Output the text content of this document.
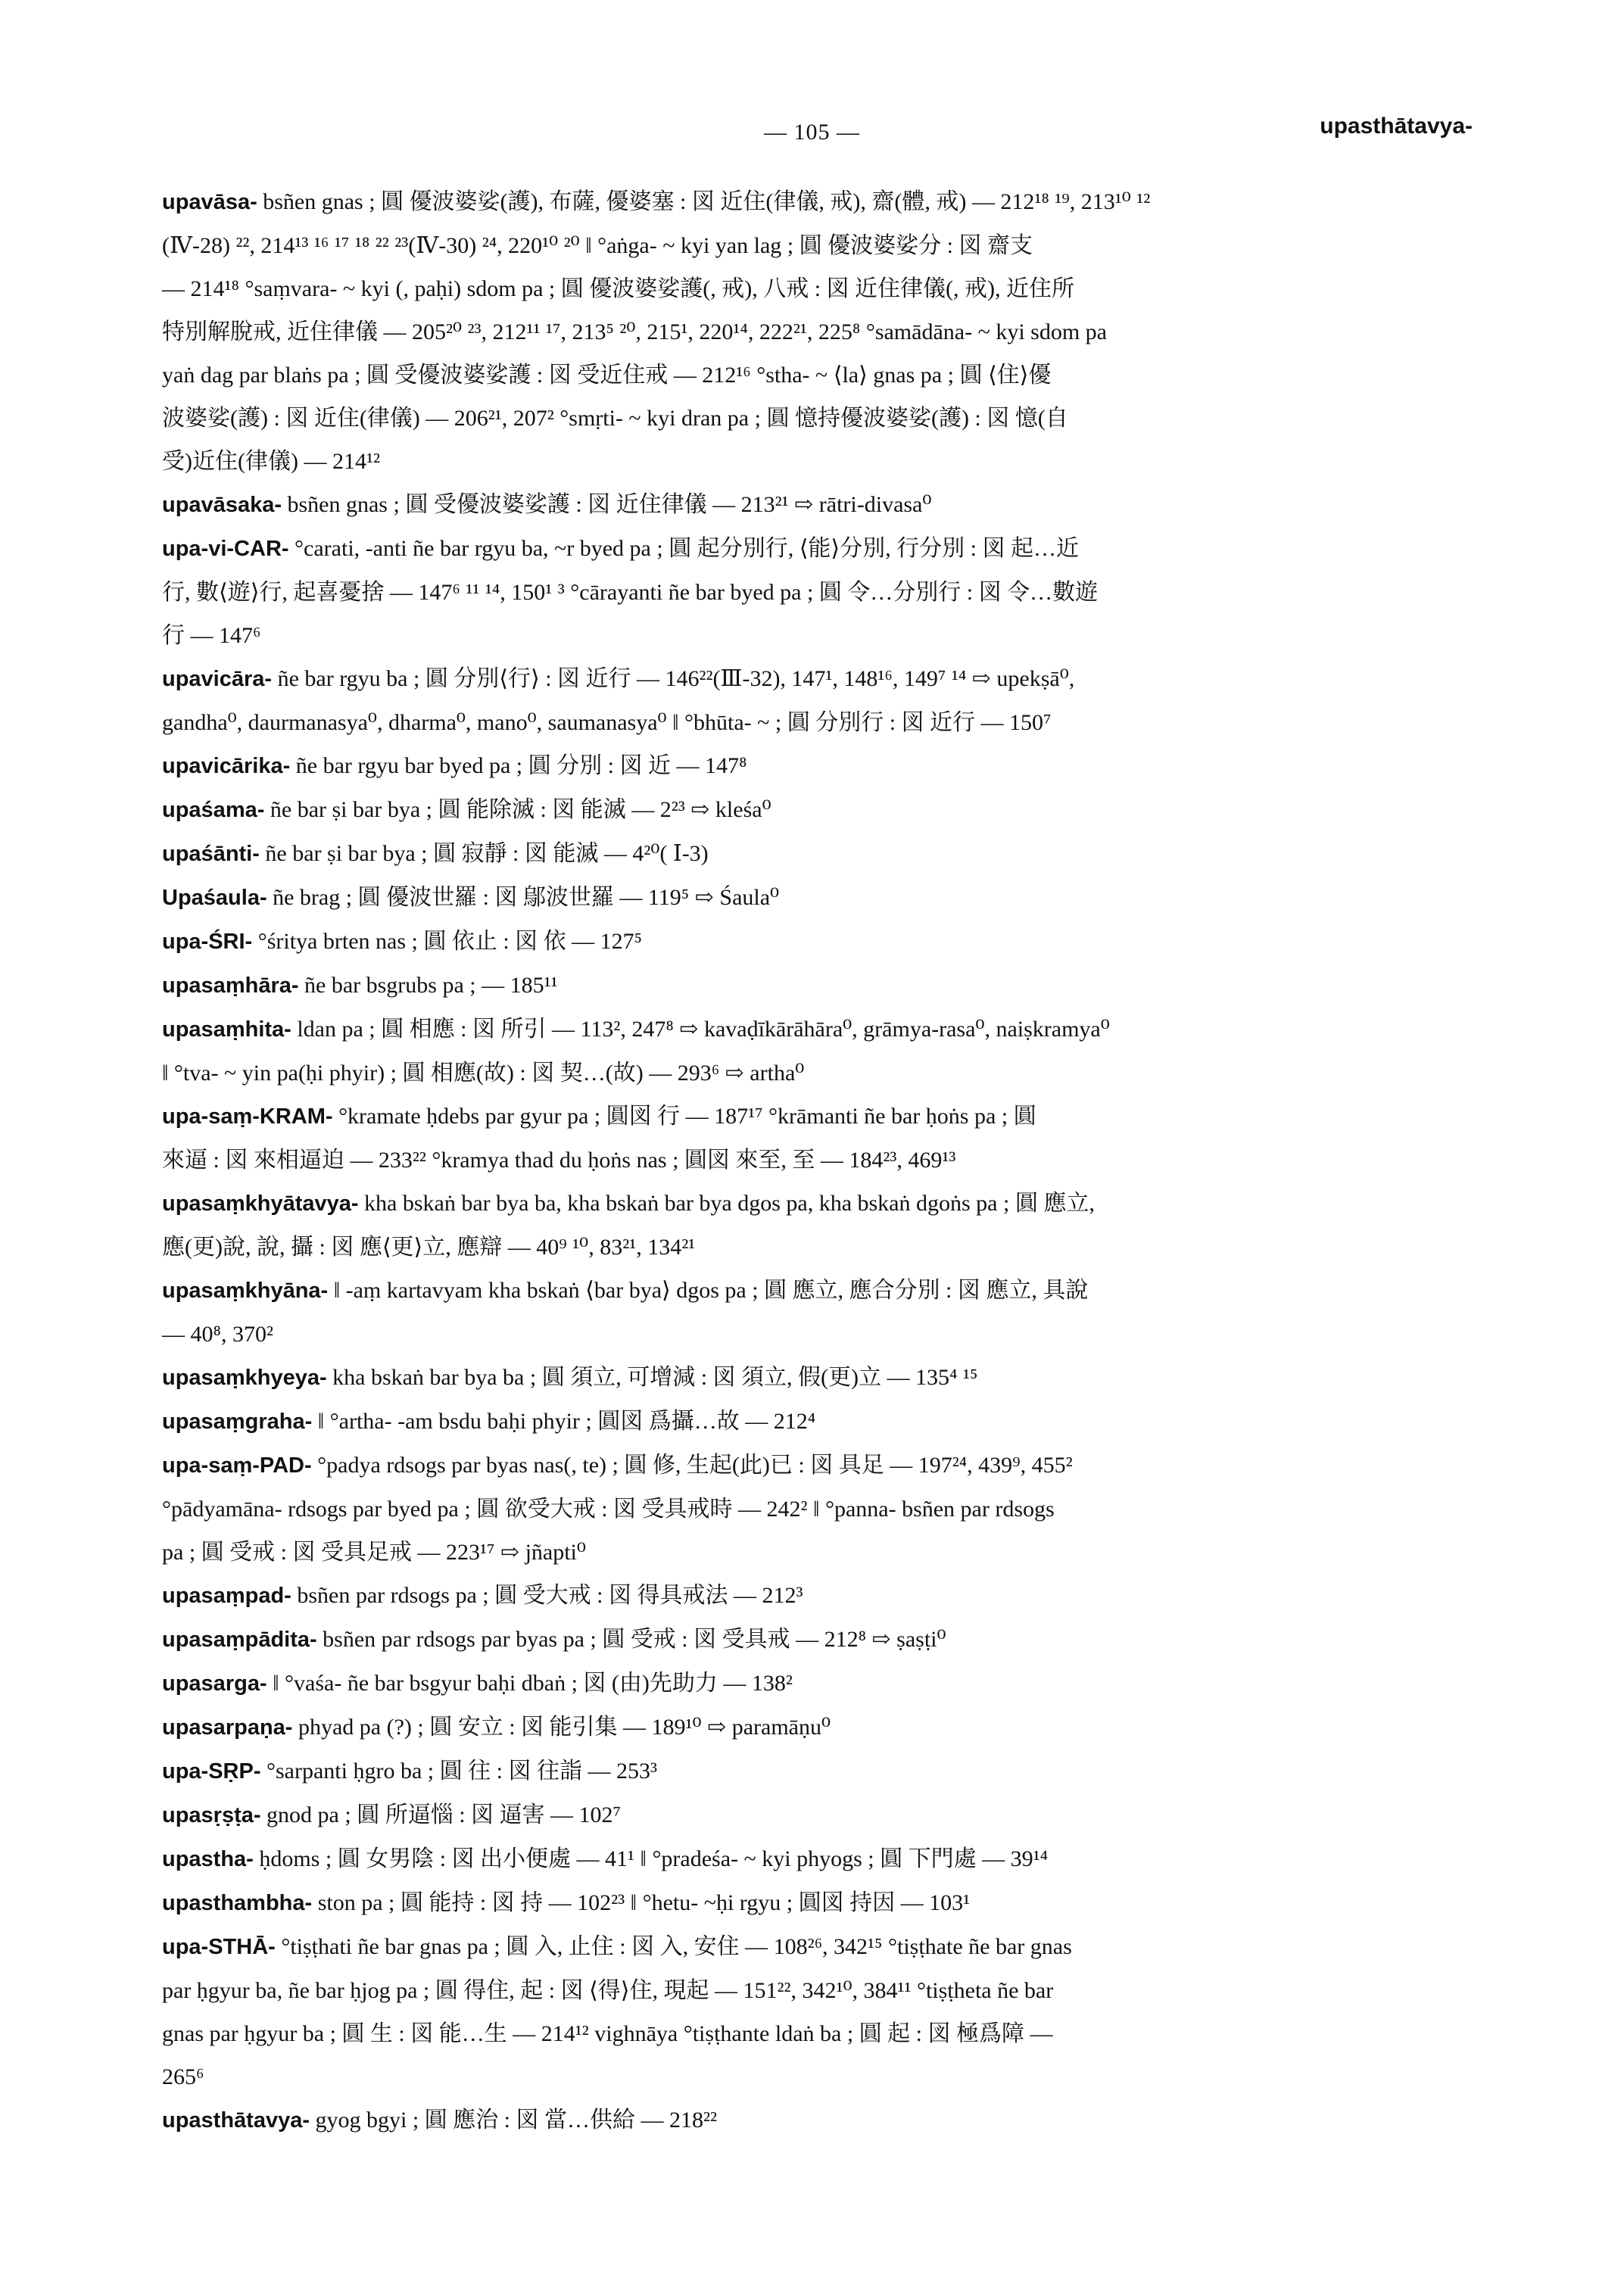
— 105 —	upasthātavya-
upavāsa- bsñen gnas ; 圓 優波婆娑(護), 布薩, 優婆塞 : 図 近住(律儀, 戒), 齋(體, 戒) — 212¹⁸ ¹⁹, 213¹⁰ ¹²
(Ⅳ-28) ²², 214¹³ ¹⁶ ¹⁷ ¹⁸ ²² ²³(Ⅳ-30) ²⁴, 220¹⁰ ²⁰ ‖ °aṅga- ~ kyi yan lag ; 圓 優波婆娑分 : 図 齋支
— 214¹⁸ °saṃvara- ~ kyi (, paḥi) sdom pa ; 圓 優波婆娑護(, 戒), 八戒 : 図 近住律儀(, 戒), 近住所
特別解脫戒, 近住律儀 — 205²⁰ ²³, 212¹¹ ¹⁷, 213⁵ ²⁰, 215¹, 220¹⁴, 222²¹, 225⁸ °samādāna- ~ kyi sdom pa
yaṅ dag par blaṅs pa ; 圓 受優波婆娑護 : 図 受近住戒 — 212¹⁶ °stha- ~ ⟨la⟩ gnas pa ; 圓 ⟨住⟩優
波婆娑(護) : 図 近住(律儀) — 206²¹, 207² °smṛti- ~ kyi dran pa ; 圓 憶持優波婆娑(護) : 図 憶(自
受)近住(律儀) — 214¹²
upavāsaka- bsñen gnas ; 圓 受優波婆娑護 : 図 近住律儀 — 213²¹ ⇨ rātri-divasa⁰
upa-vi-CAR- °carati, -anti ñe bar rgyu ba, ~r byed pa ; 圓 起分別行, ⟨能⟩分別, 行分別 : 図 起…近
行, 數⟨遊⟩行, 起喜憂捨 — 147⁶ ¹¹ ¹⁴, 150¹ ³ °cārayanti ñe bar byed pa ; 圓 令…分別行 : 図 令…數遊
行 — 147⁶
upavicāra- ñe bar rgyu ba ; 圓 分別⟨行⟩ : 図 近行 — 146²²(Ⅲ-32), 147¹, 148¹⁶, 149⁷ ¹⁴ ⇨ upekṣā⁰,
gandha⁰, daurmanasya⁰, dharma⁰, mano⁰, saumanasya⁰ ‖ °bhūta- ~ ; 圓 分別行 : 図 近行 — 150⁷
upavicārika- ñe bar rgyu bar byed pa ; 圓 分別 : 図 近 — 147⁸
upaśama- ñe bar ṣi bar bya ; 圓 能除滅 : 図 能滅 — 2²³ ⇨ kleśa⁰
upaśānti- ñe bar ṣi bar bya ; 圓 寂靜 : 図 能滅 — 4²⁰( Ⅰ-3)
Upaśaula- ñe brag ; 圓 優波世羅 : 図 鄔波世羅 — 119⁵ ⇨ Śaula⁰
upa-ŚRI- °śritya brten nas ; 圓 依止 : 図 依 — 127⁵
upasaṃhāra- ñe bar bsgrubs pa ; — 185¹¹
upasaṃhita- ldan pa ; 圓 相應 : 図 所引 — 113², 247⁸ ⇨ kavaḍīkārāhāra⁰, grāmya-rasa⁰, naiṣkramya⁰
‖ °tva- ~ yin pa(ḥi phyir) ; 圓 相應(故) : 図 契…(故) — 293⁶ ⇨ artha⁰
upa-saṃ-KRAM- °kramate ḥdebs par gyur pa ; 圓図 行 — 187¹⁷ °krāmanti ñe bar ḥoṅs pa ; 圓
來逼 : 図 來相逼迫 — 233²² °kramya thad du ḥoṅs nas ; 圓図 來至, 至 — 184²³, 469¹³
upasaṃkhyātavya- kha bskaṅ bar bya ba, kha bskaṅ bar bya dgos pa, kha bskaṅ dgoṅs pa ; 圓 應立,
應(更)說, 說, 攝 : 図 應⟨更⟩立, 應辯 — 40⁹ ¹⁰, 83²¹, 134²¹
upasaṃkhyāna- ‖ -aṃ kartavyam kha bskaṅ ⟨bar bya⟩ dgos pa ; 圓 應立, 應合分別 : 図 應立, 具說
— 40⁸, 370²
upasaṃkhyeya- kha bskaṅ bar bya ba ; 圓 須立, 可增減 : 図 須立, 假(更)立 — 135⁴ ¹⁵
upasaṃgraha- ‖ °artha- -am bsdu baḥi phyir ; 圓図 爲攝…故 — 212⁴
upa-saṃ-PAD- °padya rdsogs par byas nas(, te) ; 圓 修, 生起(此)已 : 図 具足 — 197²⁴, 439⁹, 455²
°pādyamāna- rdsogs par byed pa ; 圓 欲受大戒 : 図 受具戒時 — 242² ‖ °panna- bsñen par rdsogs
pa ; 圓 受戒 : 図 受具足戒 — 223¹⁷ ⇨ jñapti⁰
upasaṃpad- bsñen par rdsogs pa ; 圓 受大戒 : 図 得具戒法 — 212³
upasaṃpādita- bsñen par rdsogs par byas pa ; 圓 受戒 : 図 受具戒 — 212⁸ ⇨ ṣaṣṭi⁰
upasarga- ‖ °vaśa- ñe bar bsgyur baḥi dbaṅ ; 図 (由)先助力 — 138²
upasarpaṇa- phyad pa (?) ; 圓 安立 : 図 能引集 — 189¹⁰ ⇨ paramāṇu⁰
upa-SṚP- °sarpanti ḥgro ba ; 圓 往 : 図 往詣 — 253³
upasṛṣṭa- gnod pa ; 圓 所逼惱 : 図 逼害 — 102⁷
upastha- ḥdoms ; 圓 女男陰 : 図 出小便處 — 41¹ ‖ °pradeśa- ~ kyi phyogs ; 圓 下門處 — 39¹⁴
upasthambha- ston pa ; 圓 能持 : 図 持 — 102²³ ‖ °hetu- ~ḥi rgyu ; 圓図 持因 — 103¹
upa-STHĀ- °tiṣṭhati ñe bar gnas pa ; 圓 入, 止住 : 図 入, 安住 — 108²⁶, 342¹⁵ °tiṣṭhate ñe bar gnas
par ḥgyur ba, ñe bar ḥjog pa ; 圓 得住, 起 : 図 ⟨得⟩住, 現起 — 151²², 342¹⁰, 384¹¹ °tiṣṭheta ñe bar
gnas par ḥgyur ba ; 圓 生 : 図 能…生 — 214¹² vighnāya °tiṣṭhante ldaṅ ba ; 圓 起 : 図 極爲障 —
265⁶
upasthātavya- gyog bgyi ; 圓 應治 : 図 當…供給 — 218²²
